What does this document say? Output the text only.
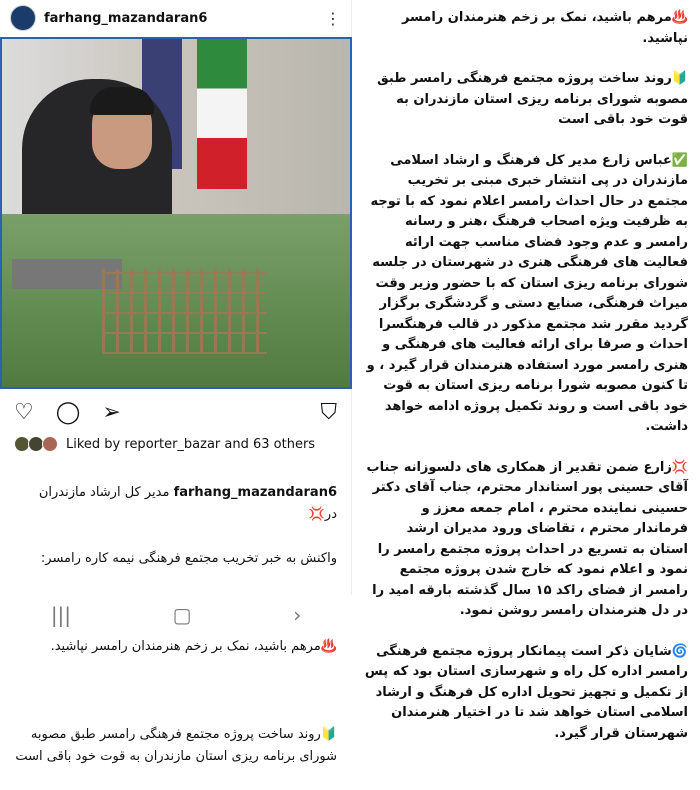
farhang_mazandaran6	⋮
♡ ◯ ➢	⛉
Liked by reporter_bazar and 63 others

farhang_mazandaran6 مدیر کل ارشاد مازندران در💢

واکنش به خبر تخریب مجتمع فرهنگی نیمه کاره رامسر:

♨️مرهم باشید، نمک بر زخم هنرمندان رامسر نپاشید.

🔰روند ساخت پروژه مجتمع فرهنگی رامسر طبق مصوبه شورای برنامه ریزی استان مازندران به قوت خود باقی است

|||	▢	›

♨️مرهم باشید، نمک بر زخم هنرمندان رامسر نپاشید.

🔰روند ساخت پروژه مجتمع فرهنگی رامسر طبق مصوبه شورای برنامه ریزی استان مازندران به قوت خود باقی است

✅عباس زارع مدیر کل فرهنگ و ارشاد اسلامی مازندران در پی انتشار خبری مبنی بر تخریب مجتمع در حال احداث رامسر اعلام نمود که با توجه به ظرفیت ویژه اصحاب فرهنگ ،هنر و رسانه رامسر و عدم وجود فضای مناسب جهت ارائه فعالیت های فرهنگی هنری در شهرستان در جلسه شورای برنامه ریزی استان که با حضور وزیر وقت میراث فرهنگی، صنایع دستی و گردشگری برگزار گردید مقرر شد مجتمع مذکور در قالب فرهنگسرا احداث و صرفا برای ارائه فعالیت های فرهنگی و هنری رامسر مورد استفاده هنرمندان قرار گیرد ، و تا کنون مصوبه شورا برنامه ریزی استان به قوت خود باقی است و روند تکمیل پروژه ادامه خواهد داشت.

💢زارع ضمن تقدیر از همکاری های دلسوزانه جناب آقای حسینی پور استاندار محترم، جناب آقای دکتر حسینی نماینده محترم ، امام جمعه معزز و فرماندار محترم ، تقاضای ورود مدیران ارشد استان به تسریع در احداث پروژه مجتمع رامسر را نمود و اعلام نمود که خارج شدن پروژه مجتمع رامسر از فضای راکد ۱۵ سال گذشته بارقه امید را در دل هنرمندان رامسر روشن نمود.

🌀شایان ذکر است پیمانکار پروژه مجتمع فرهنگی رامسر اداره کل راه و شهرسازی استان بود که پس از تکمیل و تجهیز تحویل اداره کل فرهنگ و ارشاد اسلامی استان خواهد شد تا در اختیار هنرمندان شهرستان قرار گیرد.
